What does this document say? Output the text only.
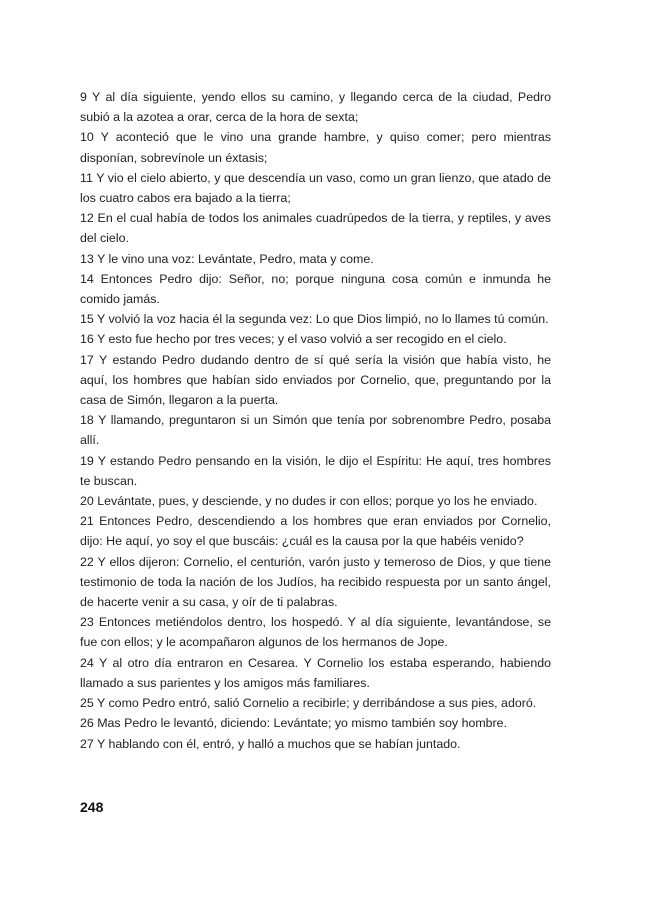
9 Y al día siguiente, yendo ellos su camino, y llegando cerca de la ciudad, Pedro subió a la azotea a orar, cerca de la hora de sexta;

10 Y aconteció que le vino una grande hambre, y quiso comer; pero mientras disponían, sobrevínole un éxtasis;

11 Y vio el cielo abierto, y que descendía un vaso, como un gran lienzo, que atado de los cuatro cabos era bajado a la tierra;

12 En el cual había de todos los animales cuadrúpedos de la tierra, y reptiles, y aves del cielo.

13 Y le vino una voz: Levántate, Pedro, mata y come.

14 Entonces Pedro dijo: Señor, no; porque ninguna cosa común e inmunda he comido jamás.

15 Y volvió la voz hacia él la segunda vez: Lo que Dios limpió, no lo llames tú común.

16 Y esto fue hecho por tres veces; y el vaso volvió a ser recogido en el cielo.

17 Y estando Pedro dudando dentro de sí qué sería la visión que había visto, he aquí, los hombres que habían sido enviados por Cornelio, que, preguntando por la casa de Simón, llegaron a la puerta.

18 Y llamando, preguntaron si un Simón que tenía por sobrenombre Pedro, posaba allí.

19 Y estando Pedro pensando en la visión, le dijo el Espíritu: He aquí, tres hombres te buscan.

20 Levántate, pues, y desciende, y no dudes ir con ellos; porque yo los he enviado.

21 Entonces Pedro, descendiendo a los hombres que eran enviados por Cornelio, dijo: He aquí, yo soy el que buscáis: ¿cuál es la causa por la que habéis venido?

22 Y ellos dijeron: Cornelio, el centurión, varón justo y temeroso de Dios, y que tiene testimonio de toda la nación de los Judíos, ha recibido respuesta por un santo ángel, de hacerte venir a su casa, y oír de ti palabras.

23 Entonces metiéndolos dentro, los hospedó. Y al día siguiente, levantándose, se fue con ellos; y le acompañaron algunos de los hermanos de Jope.

24 Y al otro día entraron en Cesarea. Y Cornelio los estaba esperando, habiendo llamado a sus parientes y los amigos más familiares.

25 Y como Pedro entró, salió Cornelio a recibirle; y derribándose a sus pies, adoró.

26 Mas Pedro le levantó, diciendo: Levántate; yo mismo también soy hombre.

27 Y hablando con él, entró, y halló a muchos que se habían juntado.

248
